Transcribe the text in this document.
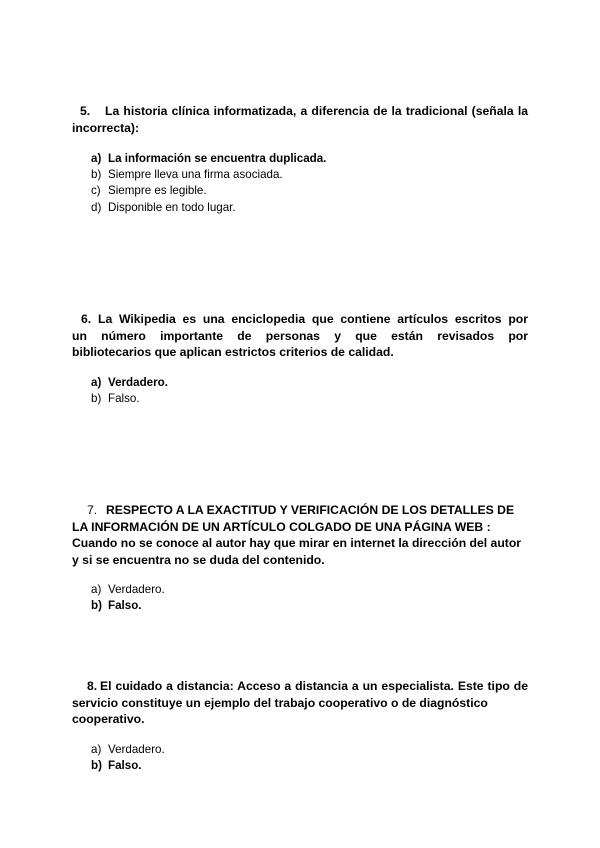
5. La historia clínica informatizada, a diferencia de la tradicional (señala la
incorrecta):
a) La información se encuentra duplicada.
b) Siempre lleva una firma asociada.
c) Siempre es legible.
d) Disponible en todo lugar.
6. La Wikipedia es una enciclopedia que contiene artículos escritos por
un número importante de personas y que están revisados por
bibliotecarios que aplican estrictos criterios de calidad.
a) Verdadero.
b) Falso.
7. RESPECTO A LA EXACTITUD Y VERIFICACIÓN DE LOS DETALLES DE
LA INFORMACIÓN DE UN ARTÍCULO COLGADO DE UNA PÁGINA WEB :
Cuando no se conoce al autor hay que mirar en internet la dirección del autor
y si se encuentra no se duda del contenido.
a) Verdadero.
b) Falso.
8. El cuidado a distancia: Acceso a distancia a un especialista. Este tipo de
servicio constituye un ejemplo del trabajo cooperativo o de diagnóstico
cooperativo.
a) Verdadero.
b) Falso.
